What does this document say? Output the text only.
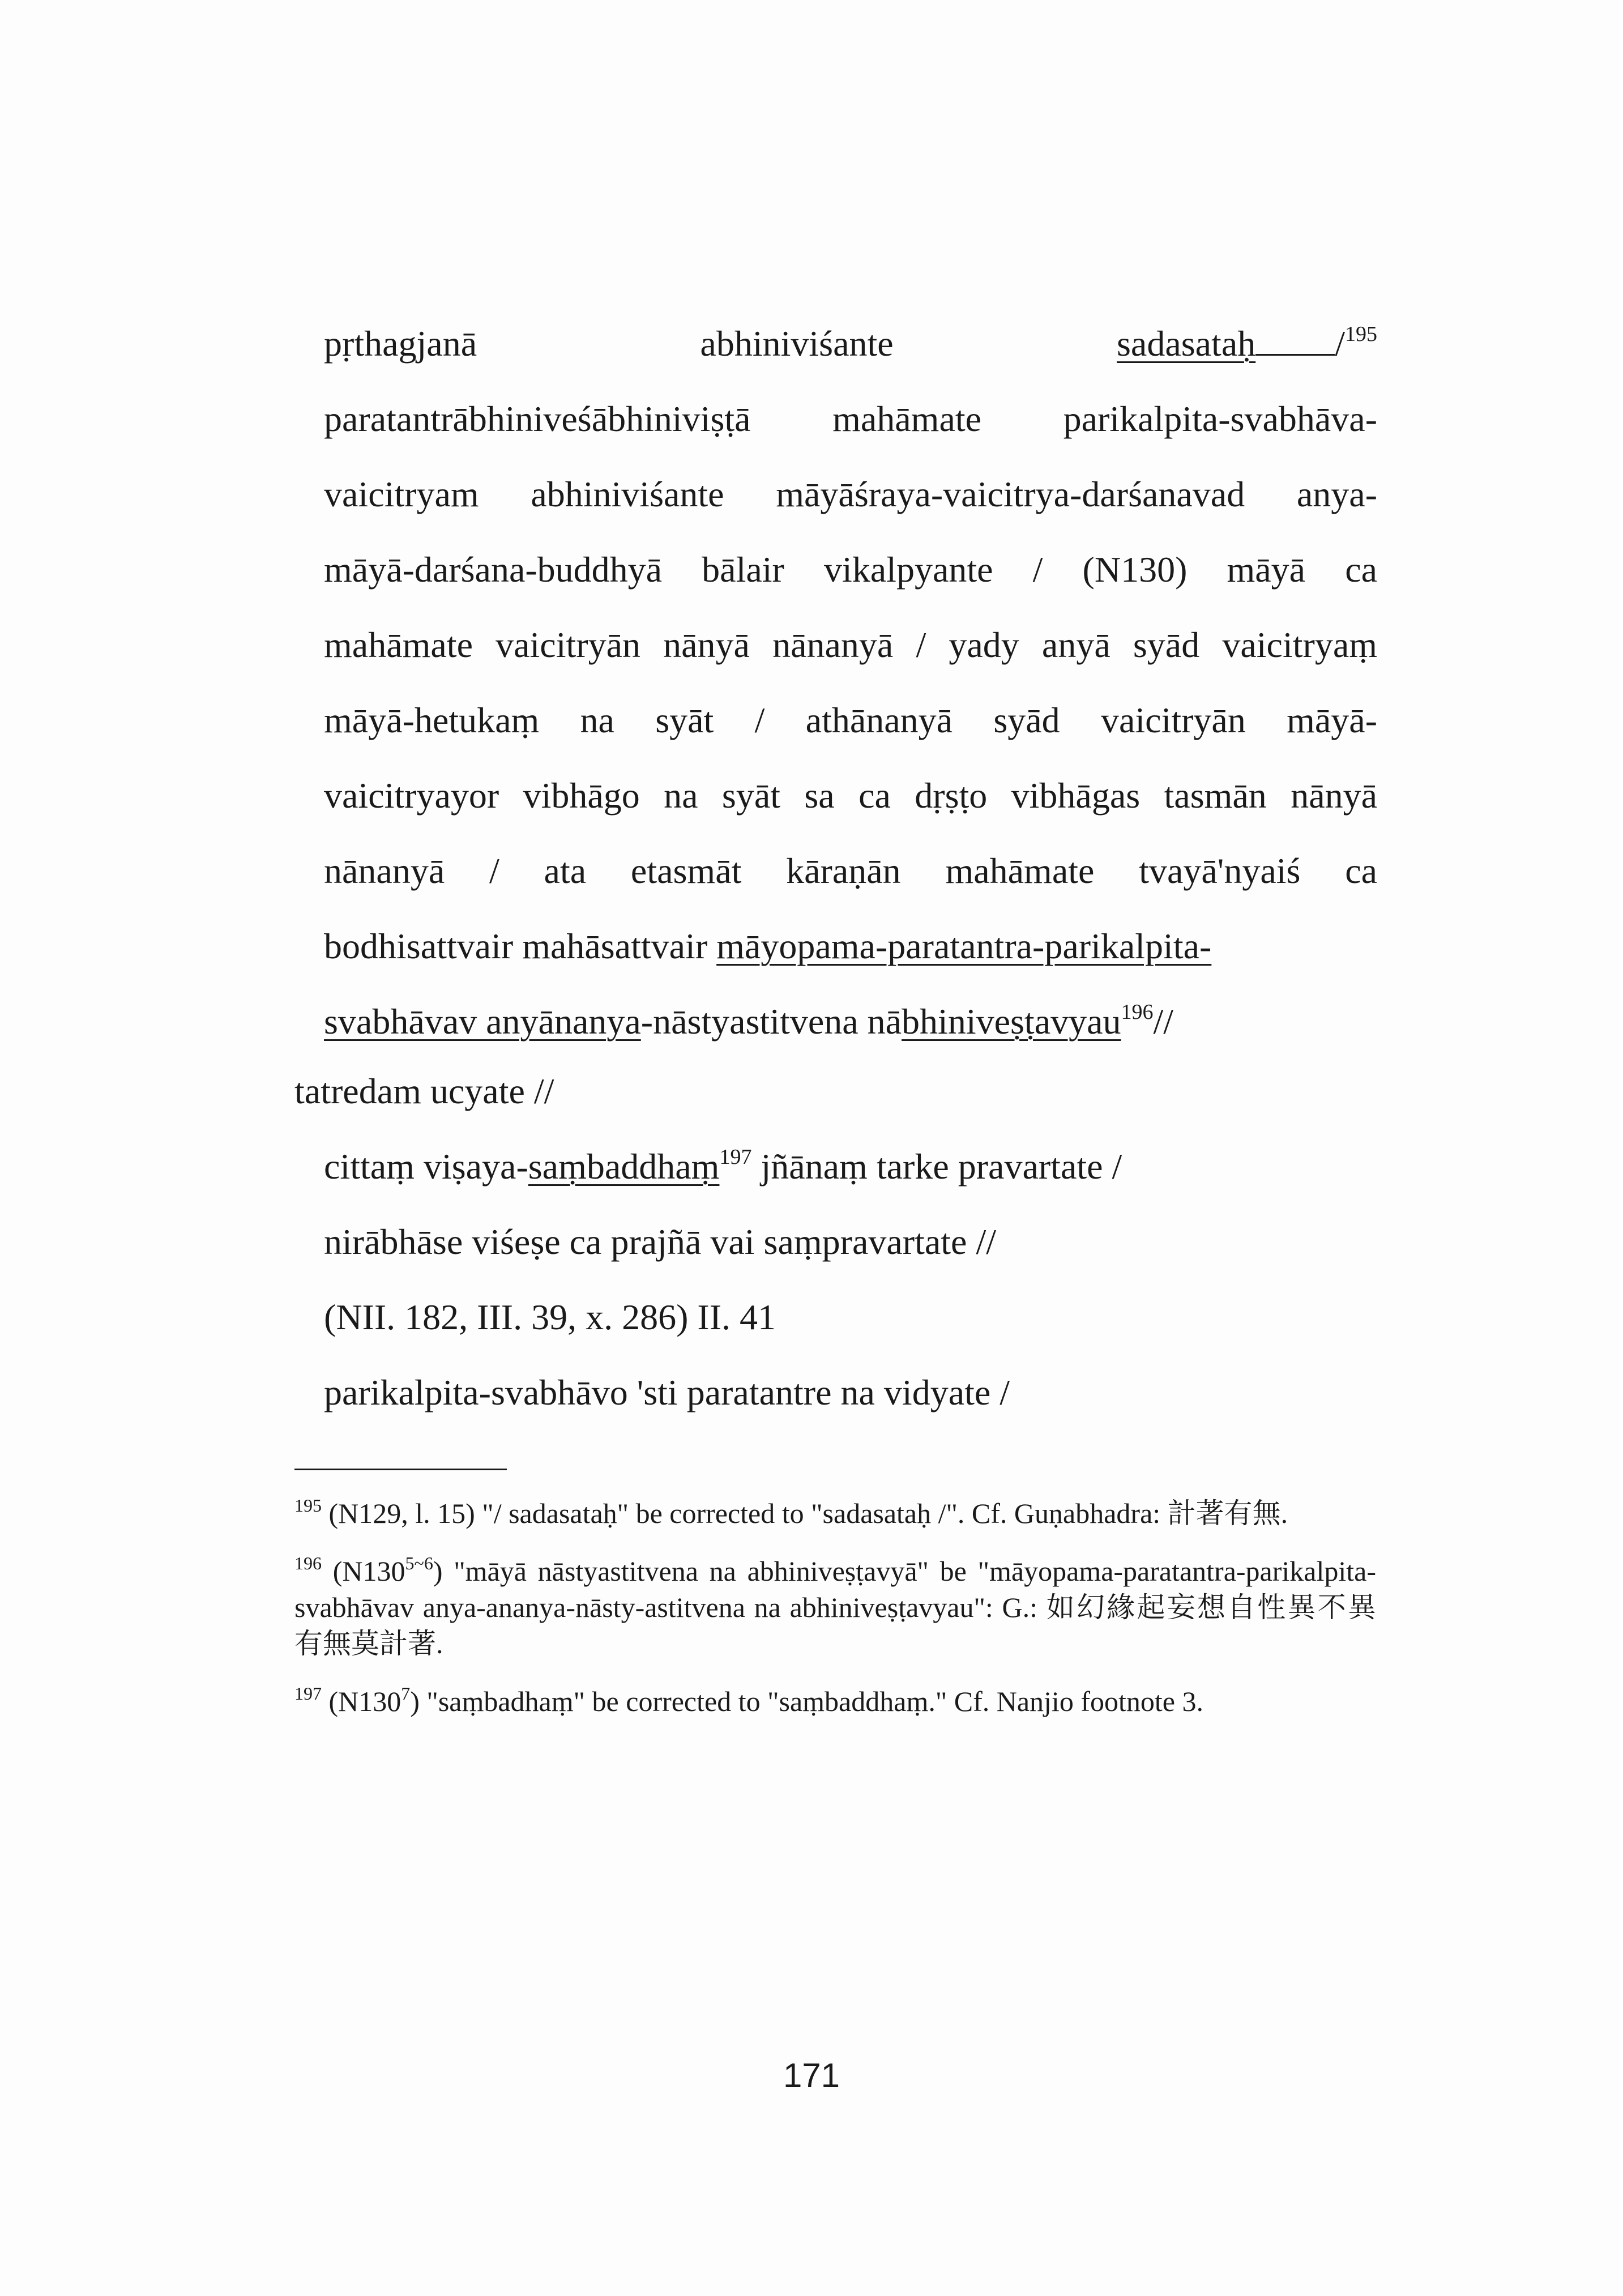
pṛthagjanā	abhiniviśante	sadasataḥ /$^{195}$
paratantrābhiniveśābhiniviṣṭā mahāmate parikalpita-svabhāva-
vaicitryam abhiniviśante māyāśraya-vaicitrya-darśanavad anya-
māyā-darśana-buddhyā bālair vikalpyante / (N130) māyā ca
mahāmate vaicitryān nānyā nānanyā / yady anyā syād vaicitryaṃ
māyā-hetukaṃ na syāt / athānanyā syād vaicitryān māyā-
vaicitryayor vibhāgo na syāt sa ca dṛṣṭo vibhāgas tasmān nānyā
nānanyā / ata etasmāt kāraṇān mahāmate tvayā'nyaiś ca
bodhisattvair mahāsattvair māyopama-paratantra-parikalpita-
svabhāvav anyānanya-nāstyastitvena nābhiniveṣṭavyau$^{196}$//
tatredam ucyate //
cittaṃ viṣaya-saṃbaddhaṃ$^{197}$ jñānaṃ tarke pravartate /
nirābhāse viśeṣe ca prajñā vai saṃpravartate //
(NII. 182, III. 39, x. 286) II. 41
parikalpita-svabhāvo 'sti paratantre na vidyate /
$^{195}$ (N129, l. 15) "/ sadasataḥ" be corrected to "sadasataḥ /". Cf. Guṇabhadra: 計著有無.
$^{196}$ $(N130^{5\sim 6})$ "māyā nāstyastitvena na abhiniveṣṭavyā" be "māyopama-paratantra-parikalpita-svabhāvav anya-ananya-nāsty-astitvena na abhiniveṣṭavyau": G.: 如幻緣起妄想自性異不異有無莫計著.
$^{197}$ $(N130^7)$ "saṃbadhaṃ" be corrected to "saṃbaddhaṃ." Cf. Nanjio footnote 3.
171
